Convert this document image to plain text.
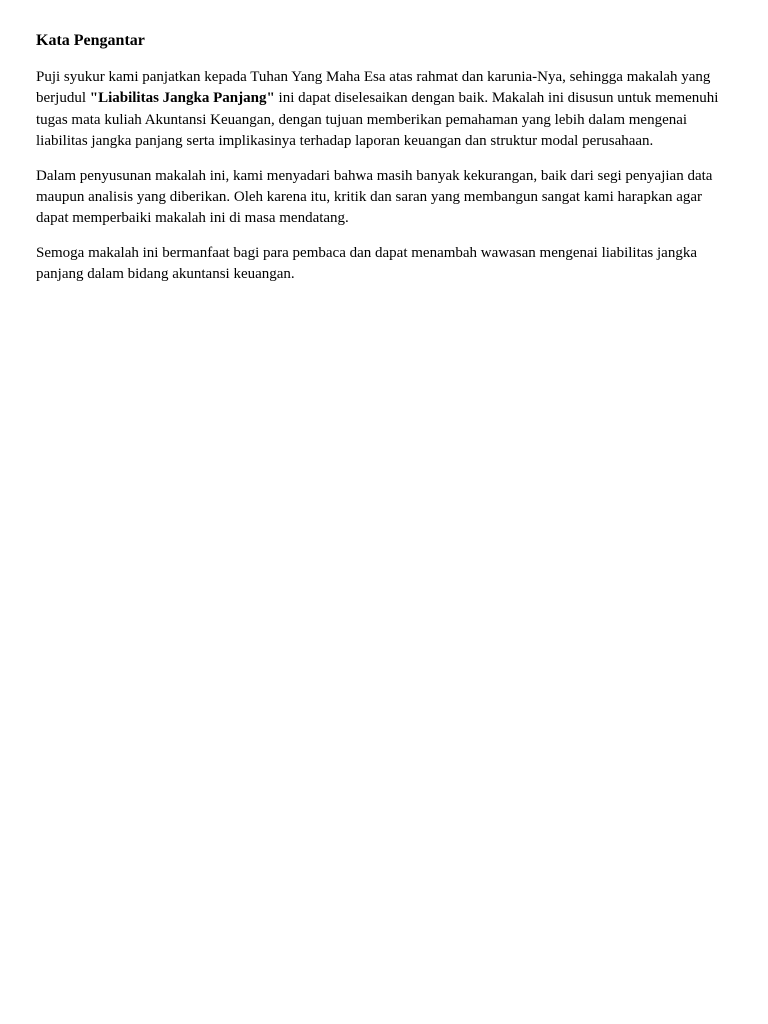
Kata Pengantar

Puji syukur kami panjatkan kepada Tuhan Yang Maha Esa atas rahmat dan karunia-Nya, sehingga makalah yang berjudul "Liabilitas Jangka Panjang" ini dapat diselesaikan dengan baik. Makalah ini disusun untuk memenuhi tugas mata kuliah Akuntansi Keuangan, dengan tujuan memberikan pemahaman yang lebih dalam mengenai liabilitas jangka panjang serta implikasinya terhadap laporan keuangan dan struktur modal perusahaan.

Dalam penyusunan makalah ini, kami menyadari bahwa masih banyak kekurangan, baik dari segi penyajian data maupun analisis yang diberikan. Oleh karena itu, kritik dan saran yang membangun sangat kami harapkan agar dapat memperbaiki makalah ini di masa mendatang.

Semoga makalah ini bermanfaat bagi para pembaca dan dapat menambah wawasan mengenai liabilitas jangka panjang dalam bidang akuntansi keuangan.
